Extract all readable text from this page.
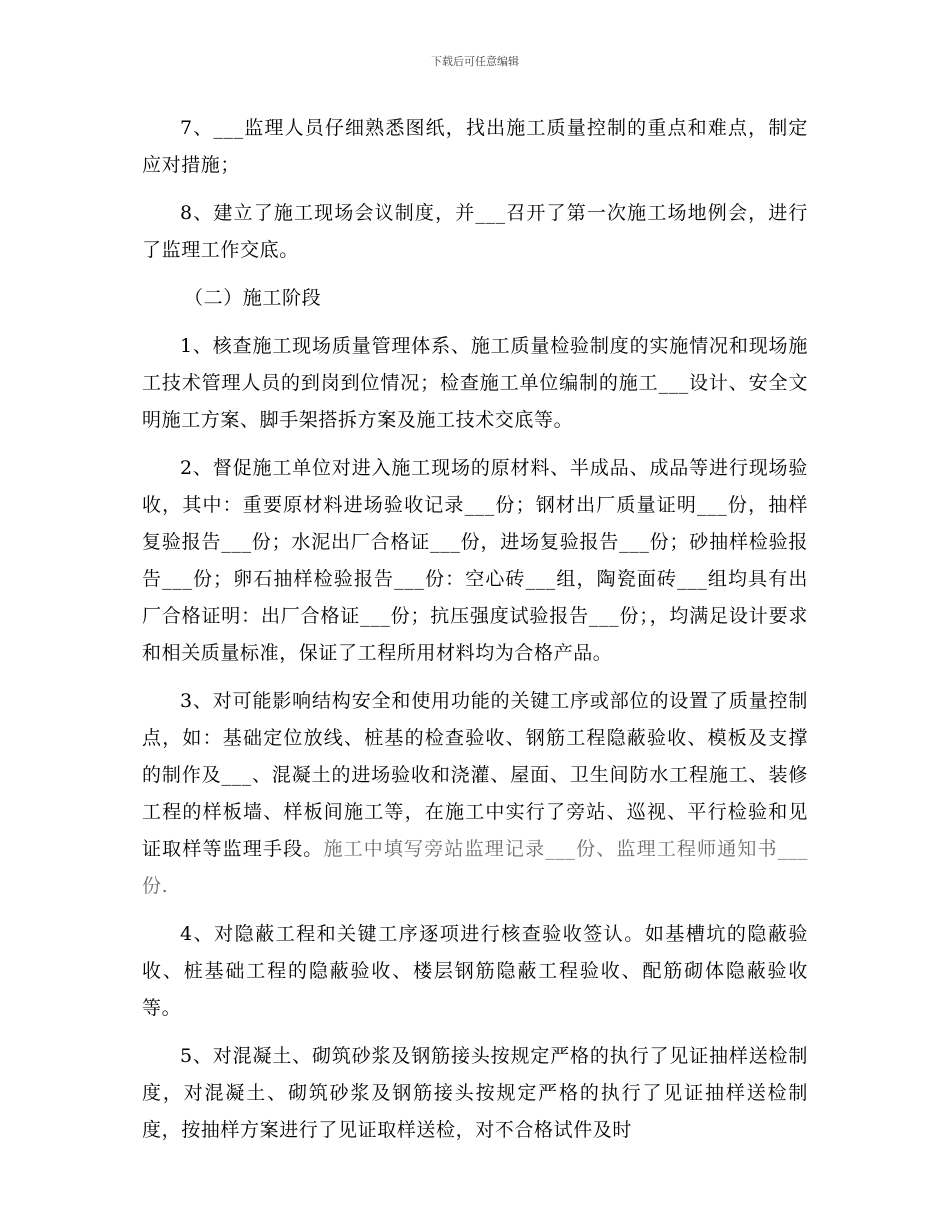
下载后可任意编辑

7、___监理人员仔细熟悉图纸，找出施工质量控制的重点和难点，制定应对措施；

8、建立了施工现场会议制度，并___召开了第一次施工场地例会，进行了监理工作交底。

（二）施工阶段

1、核查施工现场质量管理体系、施工质量检验制度的实施情况和现场施工技术管理人员的到岗到位情况；检查施工单位编制的施工___设计、安全文明施工方案、脚手架搭拆方案及施工技术交底等。

2、督促施工单位对进入施工现场的原材料、半成品、成品等进行现场验收，其中：重要原材料进场验收记录___份；钢材出厂质量证明___份，抽样复验报告___份；水泥出厂合格证___份，进场复验报告___份；砂抽样检验报告___份；卵石抽样检验报告___份：空心砖___组，陶瓷面砖___组均具有出厂合格证明：出厂合格证___份；抗压强度试验报告___份；，均满足设计要求和相关质量标准，保证了工程所用材料均为合格产品。

3、对可能影响结构安全和使用功能的关键工序或部位的设置了质量控制点，如：基础定位放线、桩基的检查验收、钢筋工程隐蔽验收、模板及支撑的制作及___、混凝土的进场验收和浇灌、屋面、卫生间防水工程施工、装修工程的样板墙、样板间施工等，在施工中实行了旁站、巡视、平行检验和见证取样等监理手段。施工中填写旁站监理记录___份、监理工程师通知书___份.

4、对隐蔽工程和关键工序逐项进行核查验收签认。如基槽坑的隐蔽验收、桩基础工程的隐蔽验收、楼层钢筋隐蔽工程验收、配筋砌体隐蔽验收等。

5、对混凝土、砌筑砂浆及钢筋接头按规定严格的执行了见证抽样送检制度，对混凝土、砌筑砂浆及钢筋接头按规定严格的执行了见证抽样送检制度，按抽样方案进行了见证取样送检，对不合格试件及时
